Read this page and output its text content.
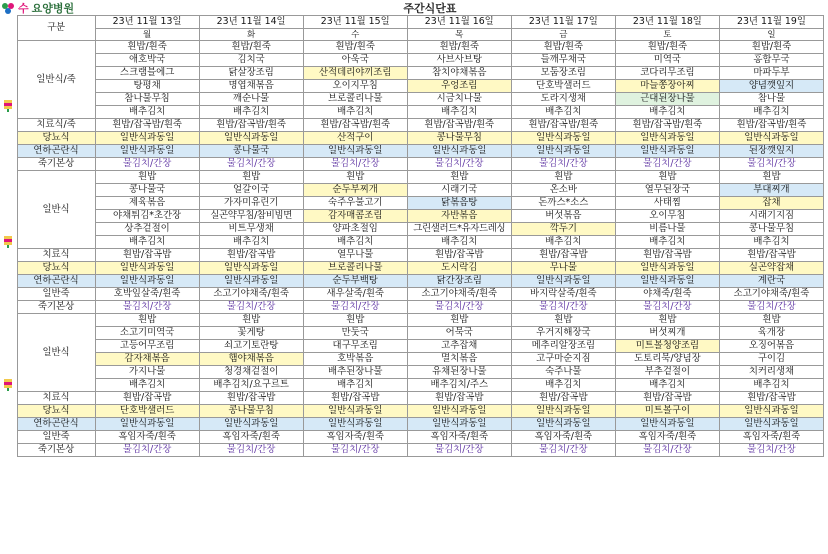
수 요양병원	주간식단표
	구분	23년 11월 13일	23년 11월 14일	23년 11월 15일	23년 11월 16일	23년 11월 17일	23년 11월 18일	23년 11월 19일
		월	화	수	목	금	토	일

	일반식/죽	흰밥/흰죽	흰밥/흰죽	흰밥/흰죽	흰밥/흰죽	흰밥/흰죽	흰밥/흰죽	흰밥/흰죽
		애호박국	김치국	아욱국	사브사브탕	들깨무채국	미역국	홍합무국
		스크램블에그	닭살장조림	산적데리야끼조림	참치야채볶음	모둠장조림	코다리무조림	마파두부
		탕평채	명엽채볶음	오이지무침	우엉조림	단호박샐러드	마늘쫑장아찌	양념깻잎지
		참나물무침	깨순나물	브로콜리나물	시금치나물	도라지생채	근대된장나물	참나물
		배추김치	배추김치	배추김치	배추김치	배추김치	배추김치	배추김치
	치료식/죽	흰밥/잡곡밥/흰죽	흰밥/잡곡밥/흰죽	흰밥/잡곡밥/흰죽	흰밥/잡곡밥/흰죽	흰밥/잡곡밥/흰죽	흰밥/잡곡밥/흰죽	흰밥/잡곡밥/흰죽
	당뇨식	일반식과동일	일반식과동일	산적구이	콩나물무침	일반식과동일	일반식과동일	일반식과동일
	연하곤란식	일반식과동일	콩나물국	일반식과동일	일반식과동일	일반식과동일	일반식과동일	된장깻잎지
	죽기본상	물김치/간장	물김치/간장	물김치/간장	물김치/간장	물김치/간장	물김치/간장	물김치/간장

	일반식	흰밥	흰밥	흰밥	흰밥	흰밥	흰밥	흰밥
		콩나물국	얼갈이국	순두부찌개	시래기국	온소바	열무된장국	부대찌개
		제육볶음	가자미유린기	숙주우불고기	닭볶음탕	돈까스*소스	사태찜	잡채
		야채튀김*초간장	실곤약무침/참비빔면	감자매콤조림	자반볶음	버섯볶음	오이무침	시래기지짐
		상추겉절이	비트무생채	양파초절임	그린샐러드*유자드레싱	깍두기	비름나물	콩나물무침
		배추김치	배추김치	배추김치	배추김치	배추김치	배추김치	배추김치
	치료식	흰밥/잡곡밥	흰밥/잡곡밥	열무나물	흰밥/잡곡밥	흰밥/잡곡밥	흰밥/잡곡밥	흰밥/잡곡밥
	당뇨식	일반식과동일	일반식과동일	브로콜리나물	도시락김	무나물	일반식과동일	실곤약잡채
	연하곤란식	일반식과동일	일반식과동일	순두부백탕	닭간장조림	일반식과동일	일반식과동일	계란국
	일반죽	호박잎살죽/흰죽	소고기야채죽/흰죽	새우살죽/흰죽	소고기야채죽/흰죽	바지락살죽/흰죽	야채죽/흰죽	소고기야채죽/흰죽
	죽기본상	물김치/간장	물김치/간장	물김치/간장	물김치/간장	물김치/간장	물김치/간장	물김치/간장

	일반식	흰밥	흰밥	흰밥	흰밥	흰밥	흰밥	흰밥
		소고기미역국	꽃게탕	만둣국	어묵국	우거지해장국	버섯찌개	육개장
		고등어무조림	쇠고기토란탕	대구무조림	고추잡채	메추리알장조림	미트볼청양조림	오징어볶음
		감자채볶음	햄야채볶음	호박볶음	멸치볶음	고구마순지짐	도토리묵/양념장	구이김
		가지나물	청경채겉절이	배추된장나물	유채된장나물	숙주나물	부추겉절이	치커리생채
		배추김치	배추김치/요구르트	배추김치	배추김치/주스	배추김치	배추김치	배추김치
	치료식	흰밥/잡곡밥	흰밥/잡곡밥	흰밥/잡곡밥	흰밥/잡곡밥	흰밥/잡곡밥	흰밥/잡곡밥	흰밥/잡곡밥
	당뇨식	단호박샐러드	콩나물무침	일반식과동일	일반식과동일	일반식과동일	미트볼구이	일반식과동일
	연하곤란식	일반식과동일	일반식과동일	일반식과동일	일반식과동일	일반식과동일	일반식과동일	일반식과동일
	일반죽	흑임자죽/흰죽	흑임자죽/흰죽	흑임자죽/흰죽	흑임자죽/흰죽	흑임자죽/흰죽	흑임자죽/흰죽	흑임자죽/흰죽
	죽기본상	물김치/간장	물김치/간장	물김치/간장	물김치/간장	물김치/간장	물김치/간장	물김치/간장
